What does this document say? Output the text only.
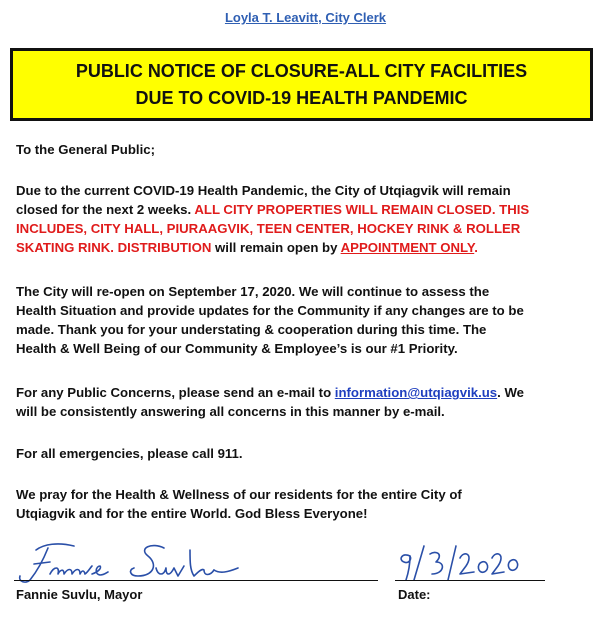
Loyla T. Leavitt, City Clerk
PUBLIC NOTICE OF CLOSURE-ALL CITY FACILITIES
DUE TO COVID-19 HEALTH PANDEMIC
To the General Public;
Due to the current COVID-19 Health Pandemic, the City of Utqiagvik will remain
closed for the next 2 weeks. ALL CITY PROPERTIES WILL REMAIN CLOSED. THIS
INCLUDES, CITY HALL, PIURAAGVIK, TEEN CENTER, HOCKEY RINK & ROLLER
SKATING RINK. DISTRIBUTION will remain open by APPOINTMENT ONLY.
The City will re-open on September 17, 2020. We will continue to assess the
Health Situation and provide updates for the Community if any changes are to be
made. Thank you for your understating & cooperation during this time. The
Health & Well Being of our Community & Employee’s is our #1 Priority.
For any Public Concerns, please send an e-mail to information@utqiagvik.us. We
will be consistently answering all concerns in this manner by e-mail.
For all emergencies, please call 911.
We pray for the Health & Wellness of our residents for the entire City of
Utqiagvik and for the entire World. God Bless Everyone!
Fannie Suvlu, Mayor	Date:
